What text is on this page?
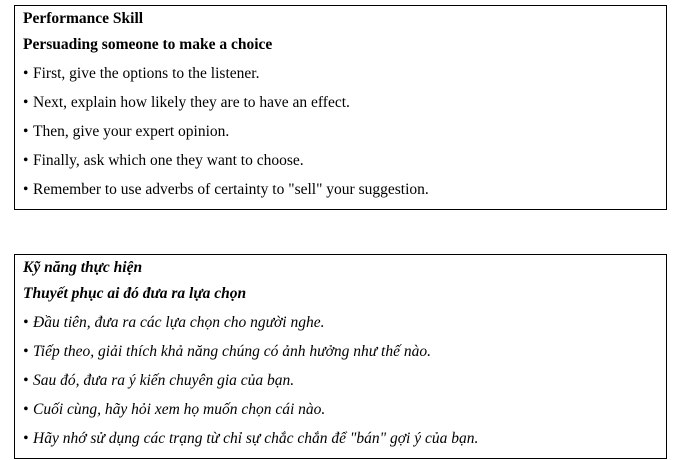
Performance Skill
Persuading someone to make a choice
• First, give the options to the listener.
• Next, explain how likely they are to have an effect.
• Then, give your expert opinion.
• Finally, ask which one they want to choose.
• Remember to use adverbs of certainty to "sell" your suggestion.
Kỹ năng thực hiện
Thuyết phục ai đó đưa ra lựa chọn
• Đầu tiên, đưa ra các lựa chọn cho người nghe.
• Tiếp theo, giải thích khả năng chúng có ảnh hưởng như thế nào.
• Sau đó, đưa ra ý kiến chuyên gia của bạn.
• Cuối cùng, hãy hỏi xem họ muốn chọn cái nào.
• Hãy nhớ sử dụng các trạng từ chỉ sự chắc chắn để "bán" gợi ý của bạn.
